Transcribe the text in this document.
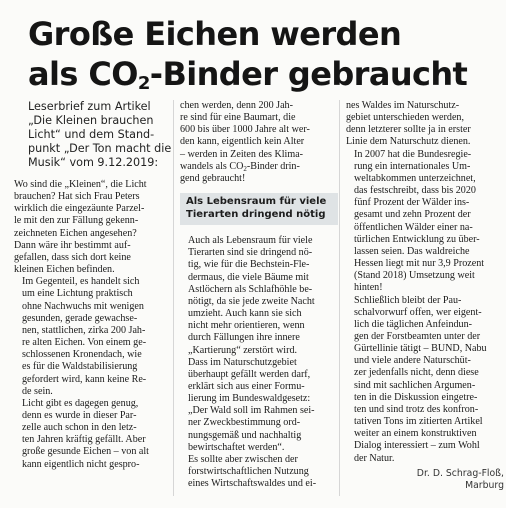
Große Eichen werden
als $CO_2$-Binder gebraucht
Leserbrief zum Artikel
„Die Kleinen brauchen
Licht“ und dem Stand-
punkt „Der Ton macht die
Musik“ vom 9.12.2019:

Wo sind die „Kleinen“, die Licht
brauchen? Hat sich Frau Peters
wirklich die eingezäunte Parzel-
le mit den zur Fällung gekenn-
zeichneten Eichen angesehen?
Dann wäre ihr bestimmt auf-
gefallen, dass sich dort keine
kleinen Eichen befinden.

Im Gegenteil, es handelt sich
um eine Lichtung praktisch
ohne Nachwuchs mit wenigen
gesunden, gerade gewachse-
nen, stattlichen, zirka 200 Jah-
re alten Eichen. Von einem ge-
schlossenen Kronendach, wie
es für die Waldstabilisierung
gefordert wird, kann keine Re-
de sein.

Licht gibt es dagegen genug,
denn es wurde in dieser Par-
zelle auch schon in den letz-
ten Jahren kräftig gefällt. Aber
große gesunde Eichen – von alt
kann eigentlich nicht gespro-

chen werden, denn 200 Jah-
re sind für eine Baumart, die
600 bis über 1000 Jahre alt wer-
den kann, eigentlich kein Alter
– werden in Zeiten des Klima-
wandels als CO2-Binder drin-
gend gebraucht!

Als Lebensraum für viele
Tierarten dringend nötig

Auch als Lebensraum für viele
Tierarten sind sie dringend nö-
tig, wie für die Bechstein-Fle-
dermaus, die viele Bäume mit
Astlöchern als Schlafhöhle be-
nötigt, da sie jede zweite Nacht
umzieht. Auch kann sie sich
nicht mehr orientieren, wenn
durch Fällungen ihre innere
„Kartierung“ zerstört wird.

Dass im Naturschutzgebiet
überhaupt gefällt werden darf,
erklärt sich aus einer Formu-
lierung im Bundeswaldgesetz:
„Der Wald soll im Rahmen sei-
ner Zweckbestimmung ord-
nungsgemäß und nachhaltig
bewirtschaftet werden“.

Es sollte aber zwischen der
forstwirtschaftlichen Nutzung
eines Wirtschaftswaldes und ei-

nes Waldes im Naturschutz-
gebiet unterschieden werden,
denn letzterer sollte ja in erster
Linie dem Naturschutz dienen.

In 2007 hat die Bundesregie-
rung ein internationales Um-
weltabkommen unterzeichnet,
das festschreibt, dass bis 2020
fünf Prozent der Wälder ins-
gesamt und zehn Prozent der
öffentlichen Wälder einer na-
türlichen Entwicklung zu über-
lassen seien. Das waldreiche
Hessen liegt mit nur 3,9 Prozent
(Stand 2018) Umsetzung weit
hinten!

Schließlich bleibt der Pau-
schalvorwurf offen, wer eigent-
lich die täglichen Anfeindun-
gen der Forstbeamten unter der
Gürtellinie tätigt – BUND, Nabu
und viele andere Naturschüt-
zer jedenfalls nicht, denn diese
sind mit sachlichen Argumen-
ten in die Diskussion eingetre-
ten und sind trotz des konfron-
tativen Tons im zitierten Artikel
weiter an einem konstruktiven
Dialog interessiert – zum Wohl
der Natur.

Dr. D. Schrag-Floß,
Marburg
